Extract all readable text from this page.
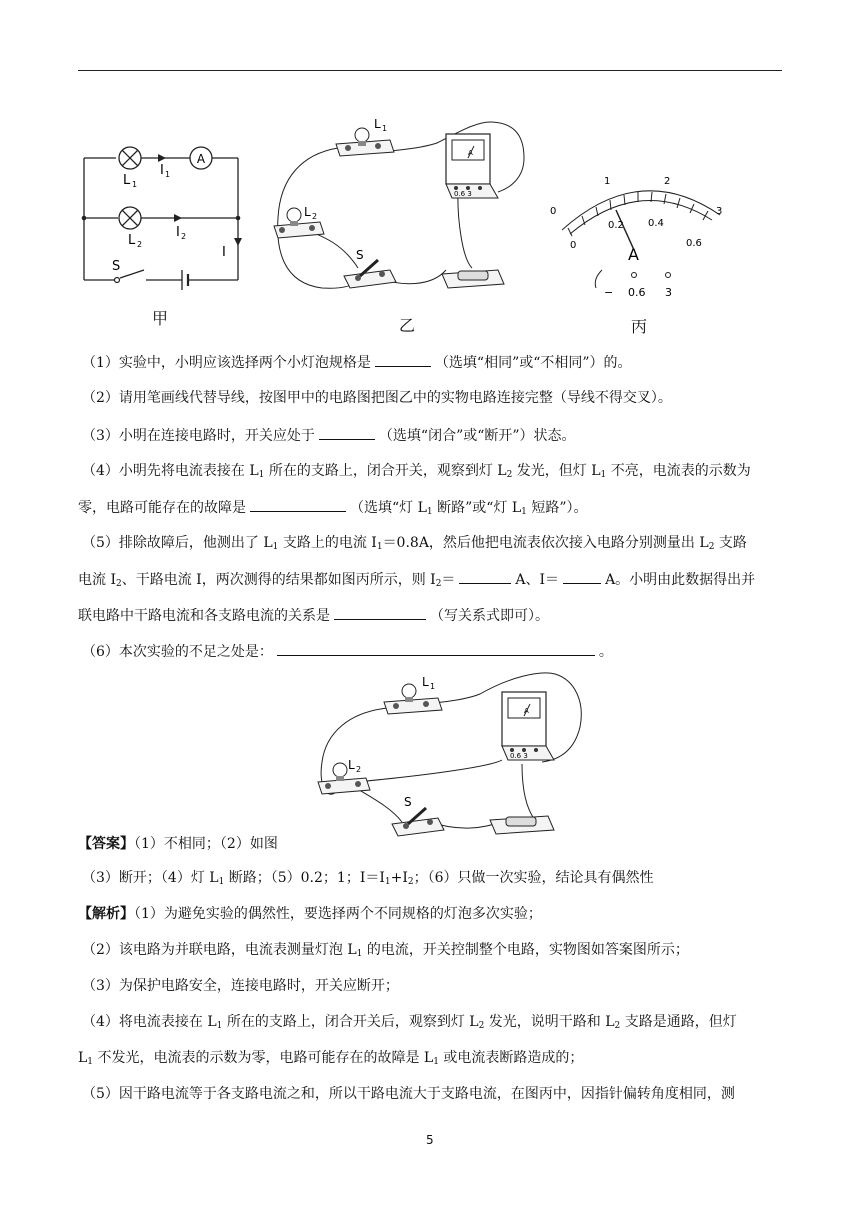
A
L 1
I 1
L 2
I 2
I
S
甲
L 1
L 2
S
A
0.6 3
乙
0
1	2
3
0
0.2 0.4
0.6
A
− 0.6 3
丙
（1）实验中，小明应该选择两个小灯泡规格是	（选填“相同”或“不相同”）的。
（2）请用笔画线代替导线，按图甲中的电路图把图乙中的实物电路连接完整（导线不得交叉）。
（3）小明在连接电路时，开关应处于	（选填“闭合”或“断开”）状态。
（4）小明先将电流表接在 $L_1$ 所在的支路上，闭合开关，观察到灯 $L_2$ 发光，但灯 $L_1$ 不亮，电流表的示数为
零，电路可能存在的故障是	（选填“灯 $L_1$ 断路”或“灯 $L_1$ 短路”）。
（5）排除故障后，他测出了 $L_1$ 支路上的电流 $I_1=0.8A$，然后他把电流表依次接入电路分别测量出 $L_2$ 支路
电流 $I_2$、干路电流 I，两次测得的结果都如图丙所示，则 $I_2=$	A、I＝	A。小明由此数据得出并
联电路中干路电流和各支路电流的关系是	（写关系式即可）。
（6）本次实验的不足之处是：	。
L 1
L 2
S
A
0.6 3
【答案】（1）不相同；（2）如图
（3）断开；（4）灯 $L_1$ 断路；（5）0.2；1；$I=I_1+I_2$；（6）只做一次实验，结论具有偶然性
【解析】（1）为避免实验的偶然性，要选择两个不同规格的灯泡多次实验；
（2）该电路为并联电路，电流表测量灯泡 $L_1$ 的电流，开关控制整个电路，实物图如答案图所示；
（3）为保护电路安全，连接电路时，开关应断开；
（4）将电流表接在 $L_1$ 所在的支路上，闭合开关后，观察到灯 $L_2$ 发光，说明干路和 $L_2$ 支路是通路，但灯
$L_1$ 不发光，电流表的示数为零，电路可能存在的故障是 $L_1$ 或电流表断路造成的；
（5）因干路电流等于各支路电流之和，所以干路电流大于支路电流，在图丙中，因指针偏转角度相同，测
5
